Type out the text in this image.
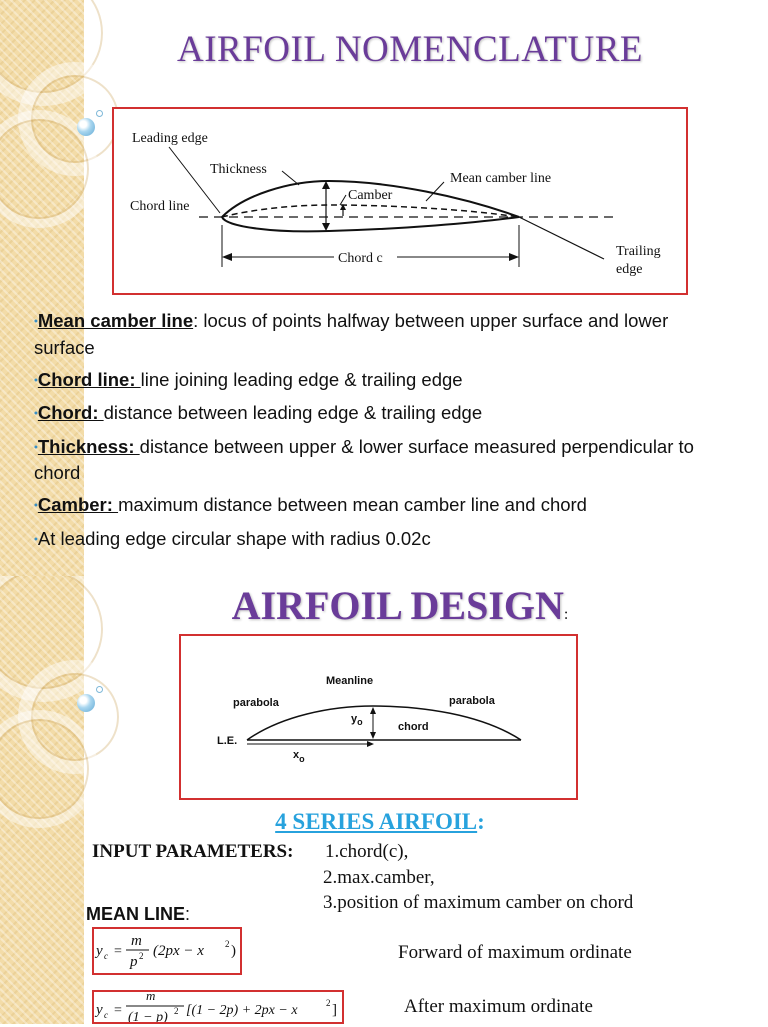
AIRFOIL NOMENCLATURE
Leading edge
Thickness
Camber
Mean camber line
Chord line
Chord c	Trailing
edge

•Mean camber line: locus of points halfway between upper surface and lower surface

•Chord line: line joining leading edge & trailing edge

•Chord: distance between leading edge & trailing edge

•Thickness: distance between upper & lower surface measured perpendicular to chord

•Camber: maximum distance between mean camber line and chord

•At leading edge circular shape with radius 0.02c

AIRFOIL DESIGN:
Meanline
parabola	parabola
$y_o$	chord
L.E.
$x_o$
4 SERIES AIRFOIL:
INPUT PARAMETERS: 1.chord(c),
2.max.camber,
3.position of maximum camber on chord
MEAN LINE:
y c =
m
p 2 (2px − x 2 )
y c =
m
(1 − p) 2 [(1 − 2p) + 2px − x	2 ]
Forward of maximum ordinate
After maximum ordinate
